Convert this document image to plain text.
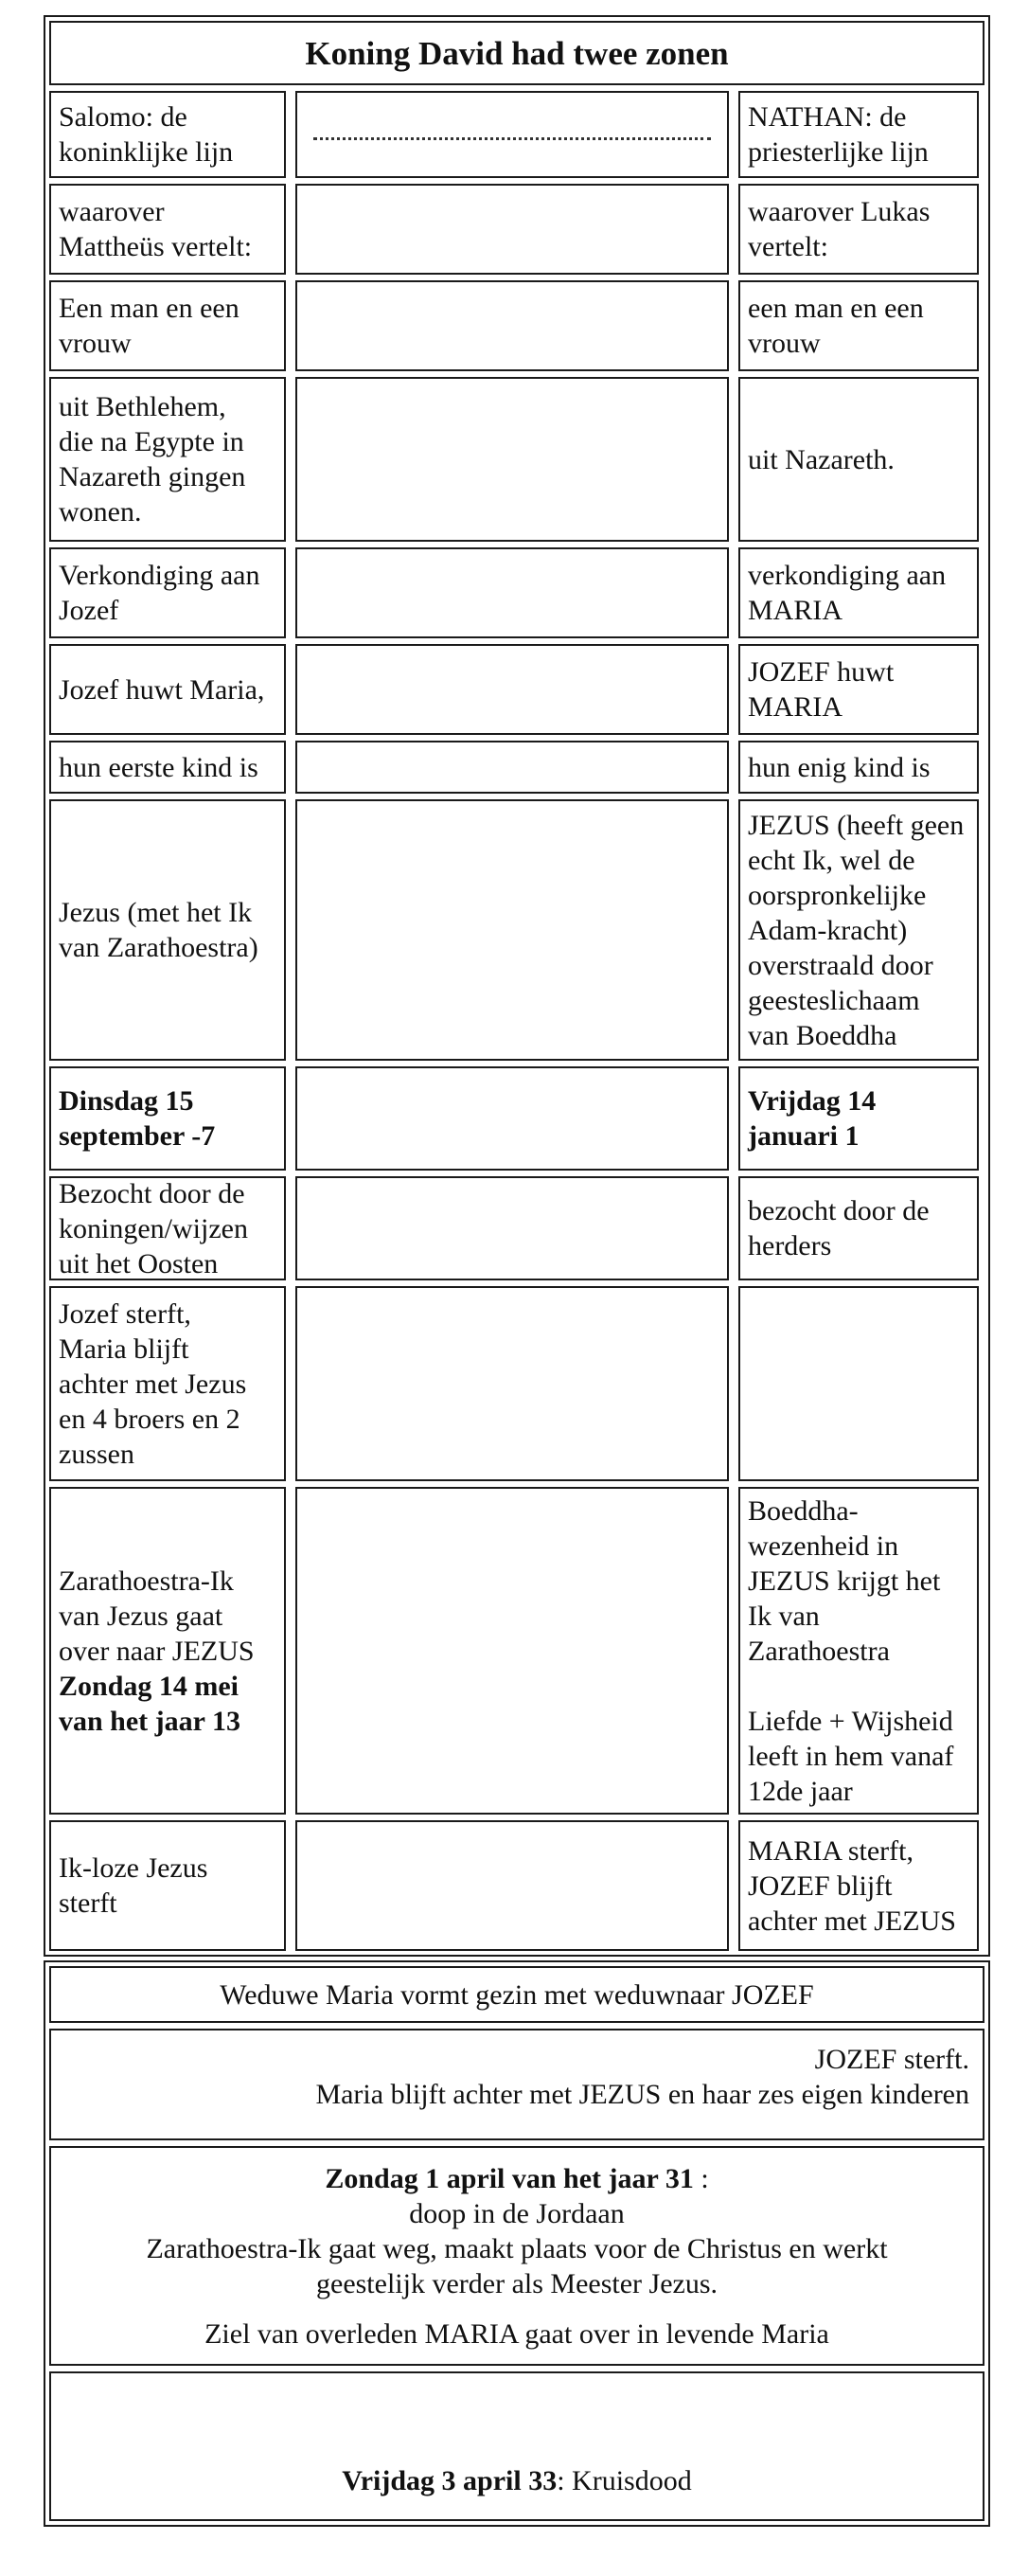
Koning David had twee zonen
Salomo: de
koninklijke lijn
NATHAN: de
priesterlijke lijn
waarover
Mattheüs vertelt:
waarover Lukas
vertelt:
Een man en een
vrouw
een man en een
vrouw
uit Bethlehem,
die na Egypte in
Nazareth gingen
wonen.
uit Nazareth.
Verkondiging aan
Jozef
verkondiging aan
MARIA
Jozef huwt Maria,
JOZEF huwt
MARIA
hun eerste kind is	hun enig kind is
Jezus (met het Ik
van Zarathoestra)
JEZUS (heeft geen
echt Ik, wel de
oorspronkelijke
Adam-kracht)
overstraald door
geesteslichaam
van Boeddha
Dinsdag 15
september -7
Vrijdag 14
januari 1
Bezocht door de
koningen/wijzen
uit het Oosten
bezocht door de
herders
Jozef sterft,
Maria blijft
achter met Jezus
en 4 broers en 2
zussen
Zarathoestra-Ik
van Jezus gaat
over naar JEZUS
Zondag 14 mei
van het jaar 13
Boeddha-
wezenheid in
JEZUS krijgt het
Ik van
Zarathoestra
Liefde + Wijsheid
leeft in hem vanaf
12de jaar
Ik-loze Jezus
sterft
MARIA sterft,
JOZEF blijft
achter met JEZUS
Weduwe Maria vormt gezin met weduwnaar JOZEF
JOZEF sterft.
Maria blijft achter met JEZUS en haar zes eigen kinderen
Zondag 1 april van het jaar 31 :
doop in de Jordaan
Zarathoestra-Ik gaat weg, maakt plaats voor de Christus en werkt
geestelijk verder als Meester Jezus.
Ziel van overleden MARIA gaat over in levende Maria
Vrijdag 3 april 33 : Kruisdood
